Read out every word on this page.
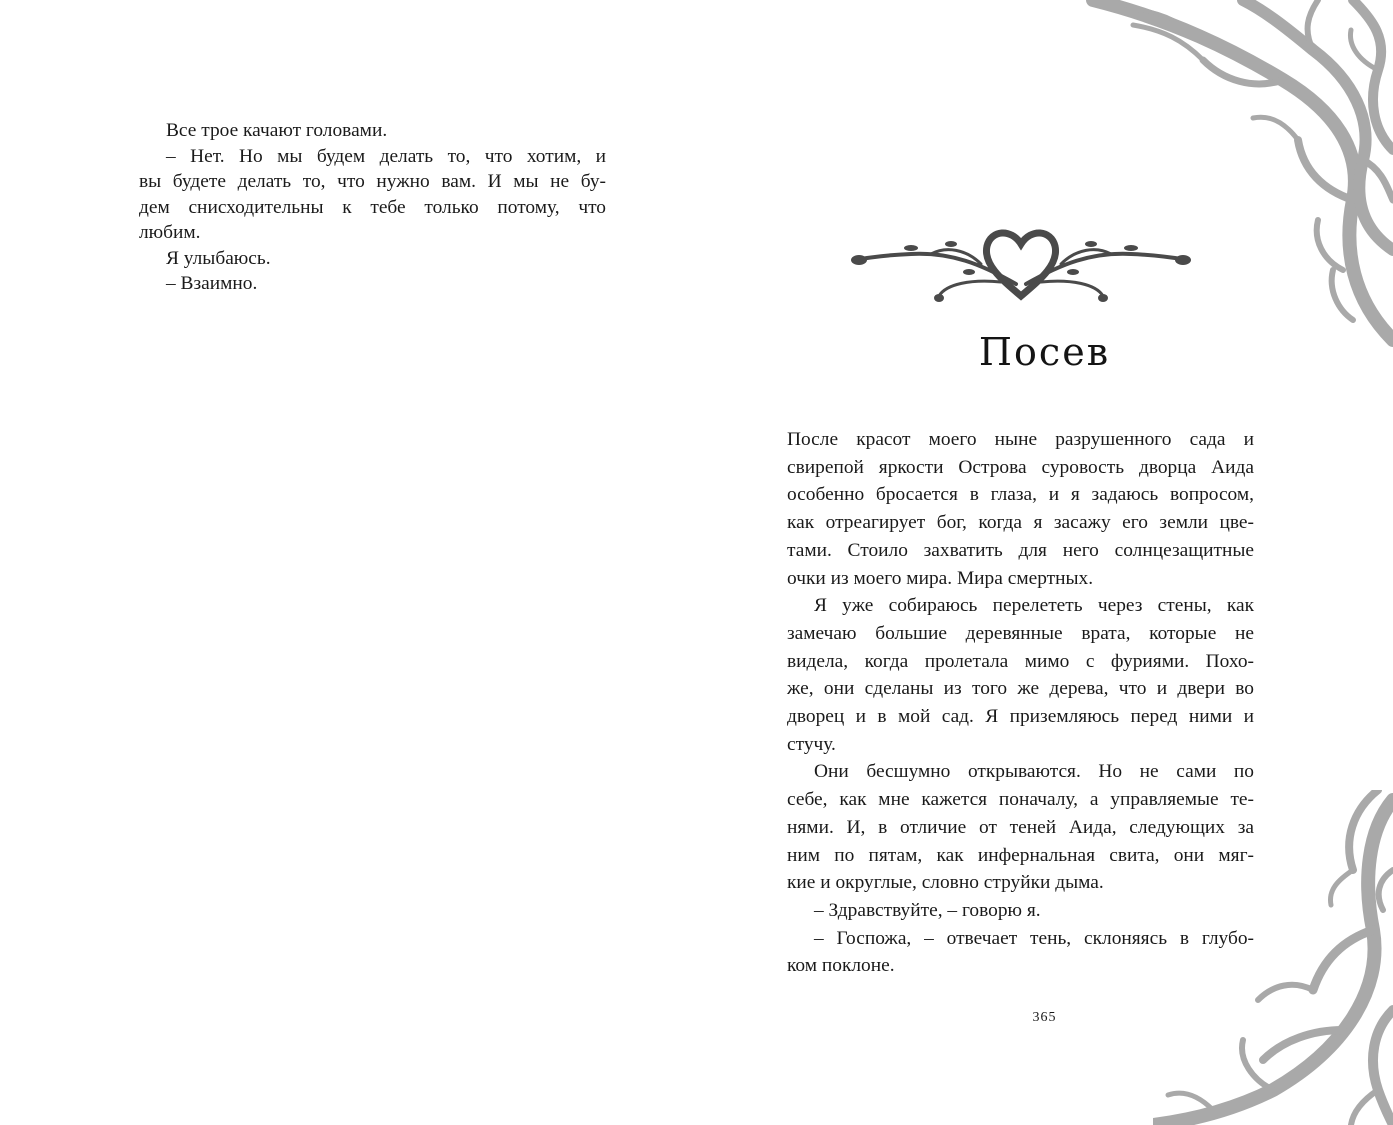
Все трое качают головами.
– Нет. Но мы будем делать то, что хотим, и
вы будете делать то, что нужно вам. И мы не бу-
дем снисходительны к тебе только потому, что
любим.
Я улыбаюсь.
– Взаимно.
Посев
После красот моего ныне разрушенного сада и
свирепой яркости Острова суровость дворца Аида
особенно бросается в глаза, и я задаюсь вопросом,
как отреагирует бог, когда я засажу его земли цве-
тами. Стоило захватить для него солнцезащитные
очки из моего мира. Мира смертных.
Я уже собираюсь перелететь через стены, как
замечаю большие деревянные врата, которые не
видела, когда пролетала мимо с фуриями. Похо-
же, они сделаны из того же дерева, что и двери во
дворец и в мой сад. Я приземляюсь перед ними и
стучу.
Они бесшумно открываются. Но не сами по
себе, как мне кажется поначалу, а управляемые те-
нями. И, в отличие от теней Аида, следующих за
ним по пятам, как инфернальная свита, они мяг-
кие и округлые, словно струйки дыма.
– Здравствуйте, – говорю я.
– Госпожа, – отвечает тень, склоняясь в глубо-
ком поклоне.
365
